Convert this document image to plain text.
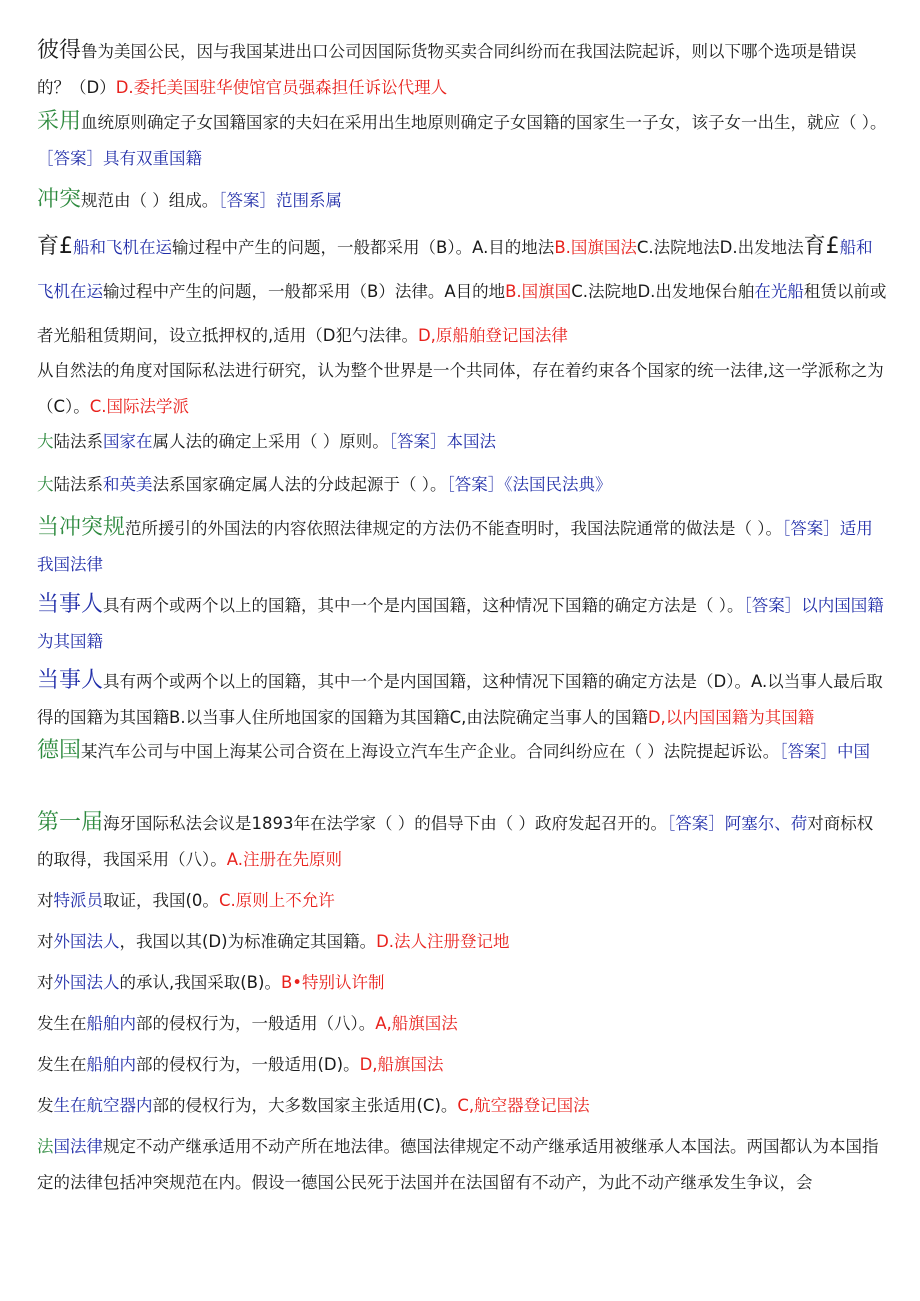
彼得鲁为美国公民，因与我国某进出口公司因国际货物买卖合同纠纷而在我国法院起诉，则以下哪个选项是错误的？（D）D.委托美国驻华使馆官员强森担任诉讼代理人

采用血统原则确定子女国籍国家的夫妇在采用出生地原则确定子女国籍的国家生一子女，该子女一出生，就应（ ）。［答案］具有双重国籍

冲突规范由（ ）组成。［答案］范围系属

育£船和飞机在运输过程中产生的问题，一般都采用（B）。A.目的地法B.国旗国法C.法院地法D.出发地法育£船和飞机在运输过程中产生的问题，一般都采用（B）法律。A目的地B.国旗国C.法院地D.出发地保台舶在光船租赁以前或者光船租赁期间，设立抵押权的,适用（D犯勺法律。D,原船舶登记国法律

从自然法的角度对国际私法进行研究，认为整个世界是一个共同体，存在着约束各个国家的统一法律,这一学派称之为（C）。C.国际法学派

大陆法系国家在属人法的确定上采用（ ）原则。［答案］本国法

大陆法系和英美法系国家确定属人法的分歧起源于（ ）。［答案］《法国民法典》

当冲突规范所援引的外国法的内容依照法律规定的方法仍不能查明时，我国法院通常的做法是（ ）。［答案］适用我国法律

当事人具有两个或两个以上的国籍，其中一个是内国国籍，这种情况下国籍的确定方法是（ ）。［答案］以内国国籍为其国籍

当事人具有两个或两个以上的国籍，其中一个是内国国籍，这种情况下国籍的确定方法是（D）。A.以当事人最后取得的国籍为其国籍B.以当事人住所地国家的国籍为其国籍C,由法院确定当事人的国籍D,以内国国籍为其国籍

德国某汽车公司与中国上海某公司合资在上海设立汽车生产企业。合同纠纷应在（ ）法院提起诉讼。［答案］中国

第一届海牙国际私法会议是1893年在法学家（ ）的倡导下由（ ）政府发起召开的。［答案］阿塞尔、荷对商标权的取得，我国采用（八）。A.注册在先原则

对特派员取证，我国(0。C.原则上不允许

对外国法人，我国以其(D)为标准确定其国籍。D.法人注册登记地

对外国法人的承认,我国采取(B)。B•特别认许制

发生在船舶内部的侵权行为，一般适用（八）。A,船旗国法

发生在船舶内部的侵权行为，一般适用(D)。D,船旗国法

发生在航空器内部的侵权行为，大多数国家主张适用(C)。C,航空器登记国法

法国法律规定不动产继承适用不动产所在地法律。德国法律规定不动产继承适用被继承人本国法。两国都认为本国指定的法律包括冲突规范在内。假设一德国公民死于法国并在法国留有不动产，为此不动产继承发生争议，会
